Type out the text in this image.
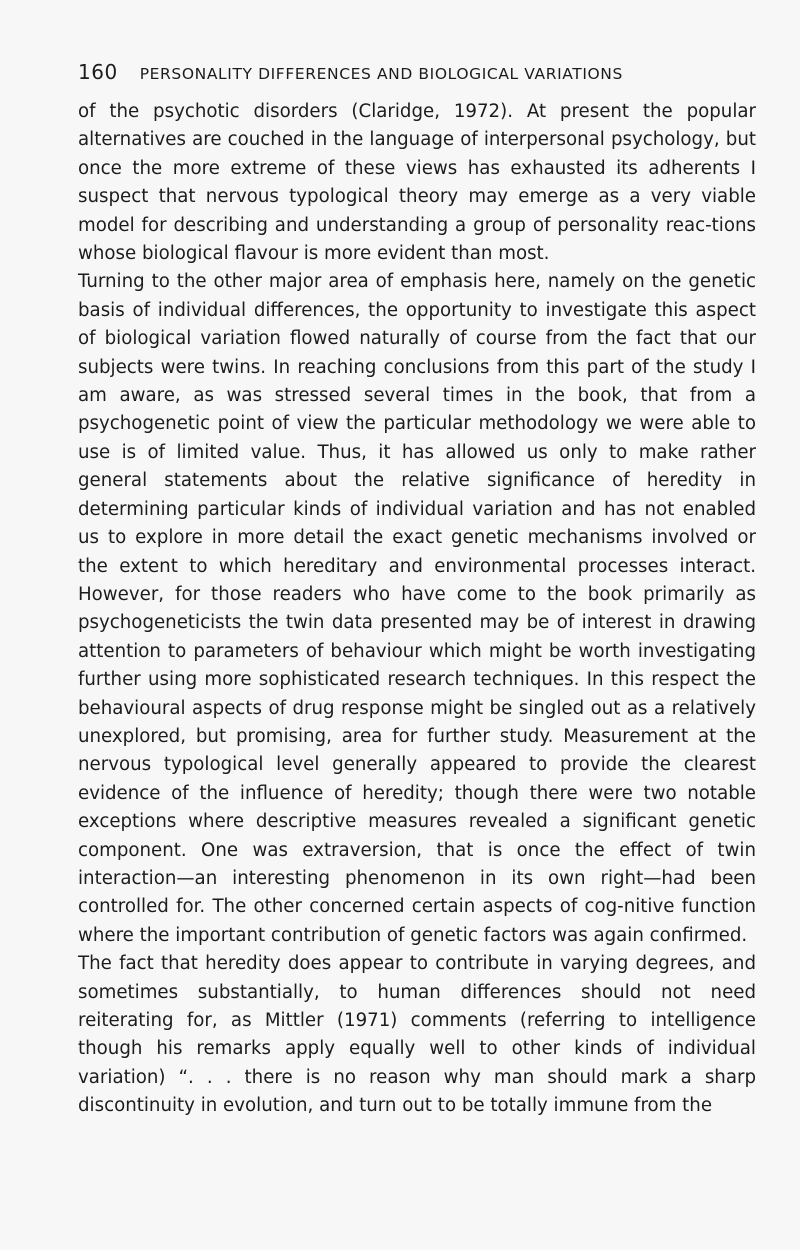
160 PERSONALITY DIFFERENCES AND BIOLOGICAL VARIATIONS

of the psychotic disorders (Claridge, 1972). At present the popular alternatives are couched in the language of interpersonal psychology, but once the more extreme of these views has exhausted its adherents I suspect that nervous typological theory may emerge as a very viable model for describing and understanding a group of personality reac-tions whose biological flavour is more evident than most.

Turning to the other major area of emphasis here, namely on the genetic basis of individual differences, the opportunity to investigate this aspect of biological variation flowed naturally of course from the fact that our subjects were twins. In reaching conclusions from this part of the study I am aware, as was stressed several times in the book, that from a psychogenetic point of view the particular methodology we were able to use is of limited value. Thus, it has allowed us only to make rather general statements about the relative significance of heredity in determining particular kinds of individual variation and has not enabled us to explore in more detail the exact genetic mechanisms involved or the extent to which hereditary and environmental processes interact. However, for those readers who have come to the book primarily as psychogeneticists the twin data presented may be of interest in drawing attention to parameters of behaviour which might be worth investigating further using more sophisticated research techniques. In this respect the behavioural aspects of drug response might be singled out as a relatively unexplored, but promising, area for further study. Measurement at the nervous typological level generally appeared to provide the clearest evidence of the influence of heredity; though there were two notable exceptions where descriptive measures revealed a significant genetic component. One was extraversion, that is once the effect of twin interaction—an interesting phenomenon in its own right—had been controlled for. The other concerned certain aspects of cog-nitive function where the important contribution of genetic factors was again confirmed.

The fact that heredity does appear to contribute in varying degrees, and sometimes substantially, to human differences should not need reiterating for, as Mittler (1971) comments (referring to intelligence though his remarks apply equally well to other kinds of individual variation) “. . . there is no reason why man should mark a sharp discontinuity in evolution, and turn out to be totally immune from the
